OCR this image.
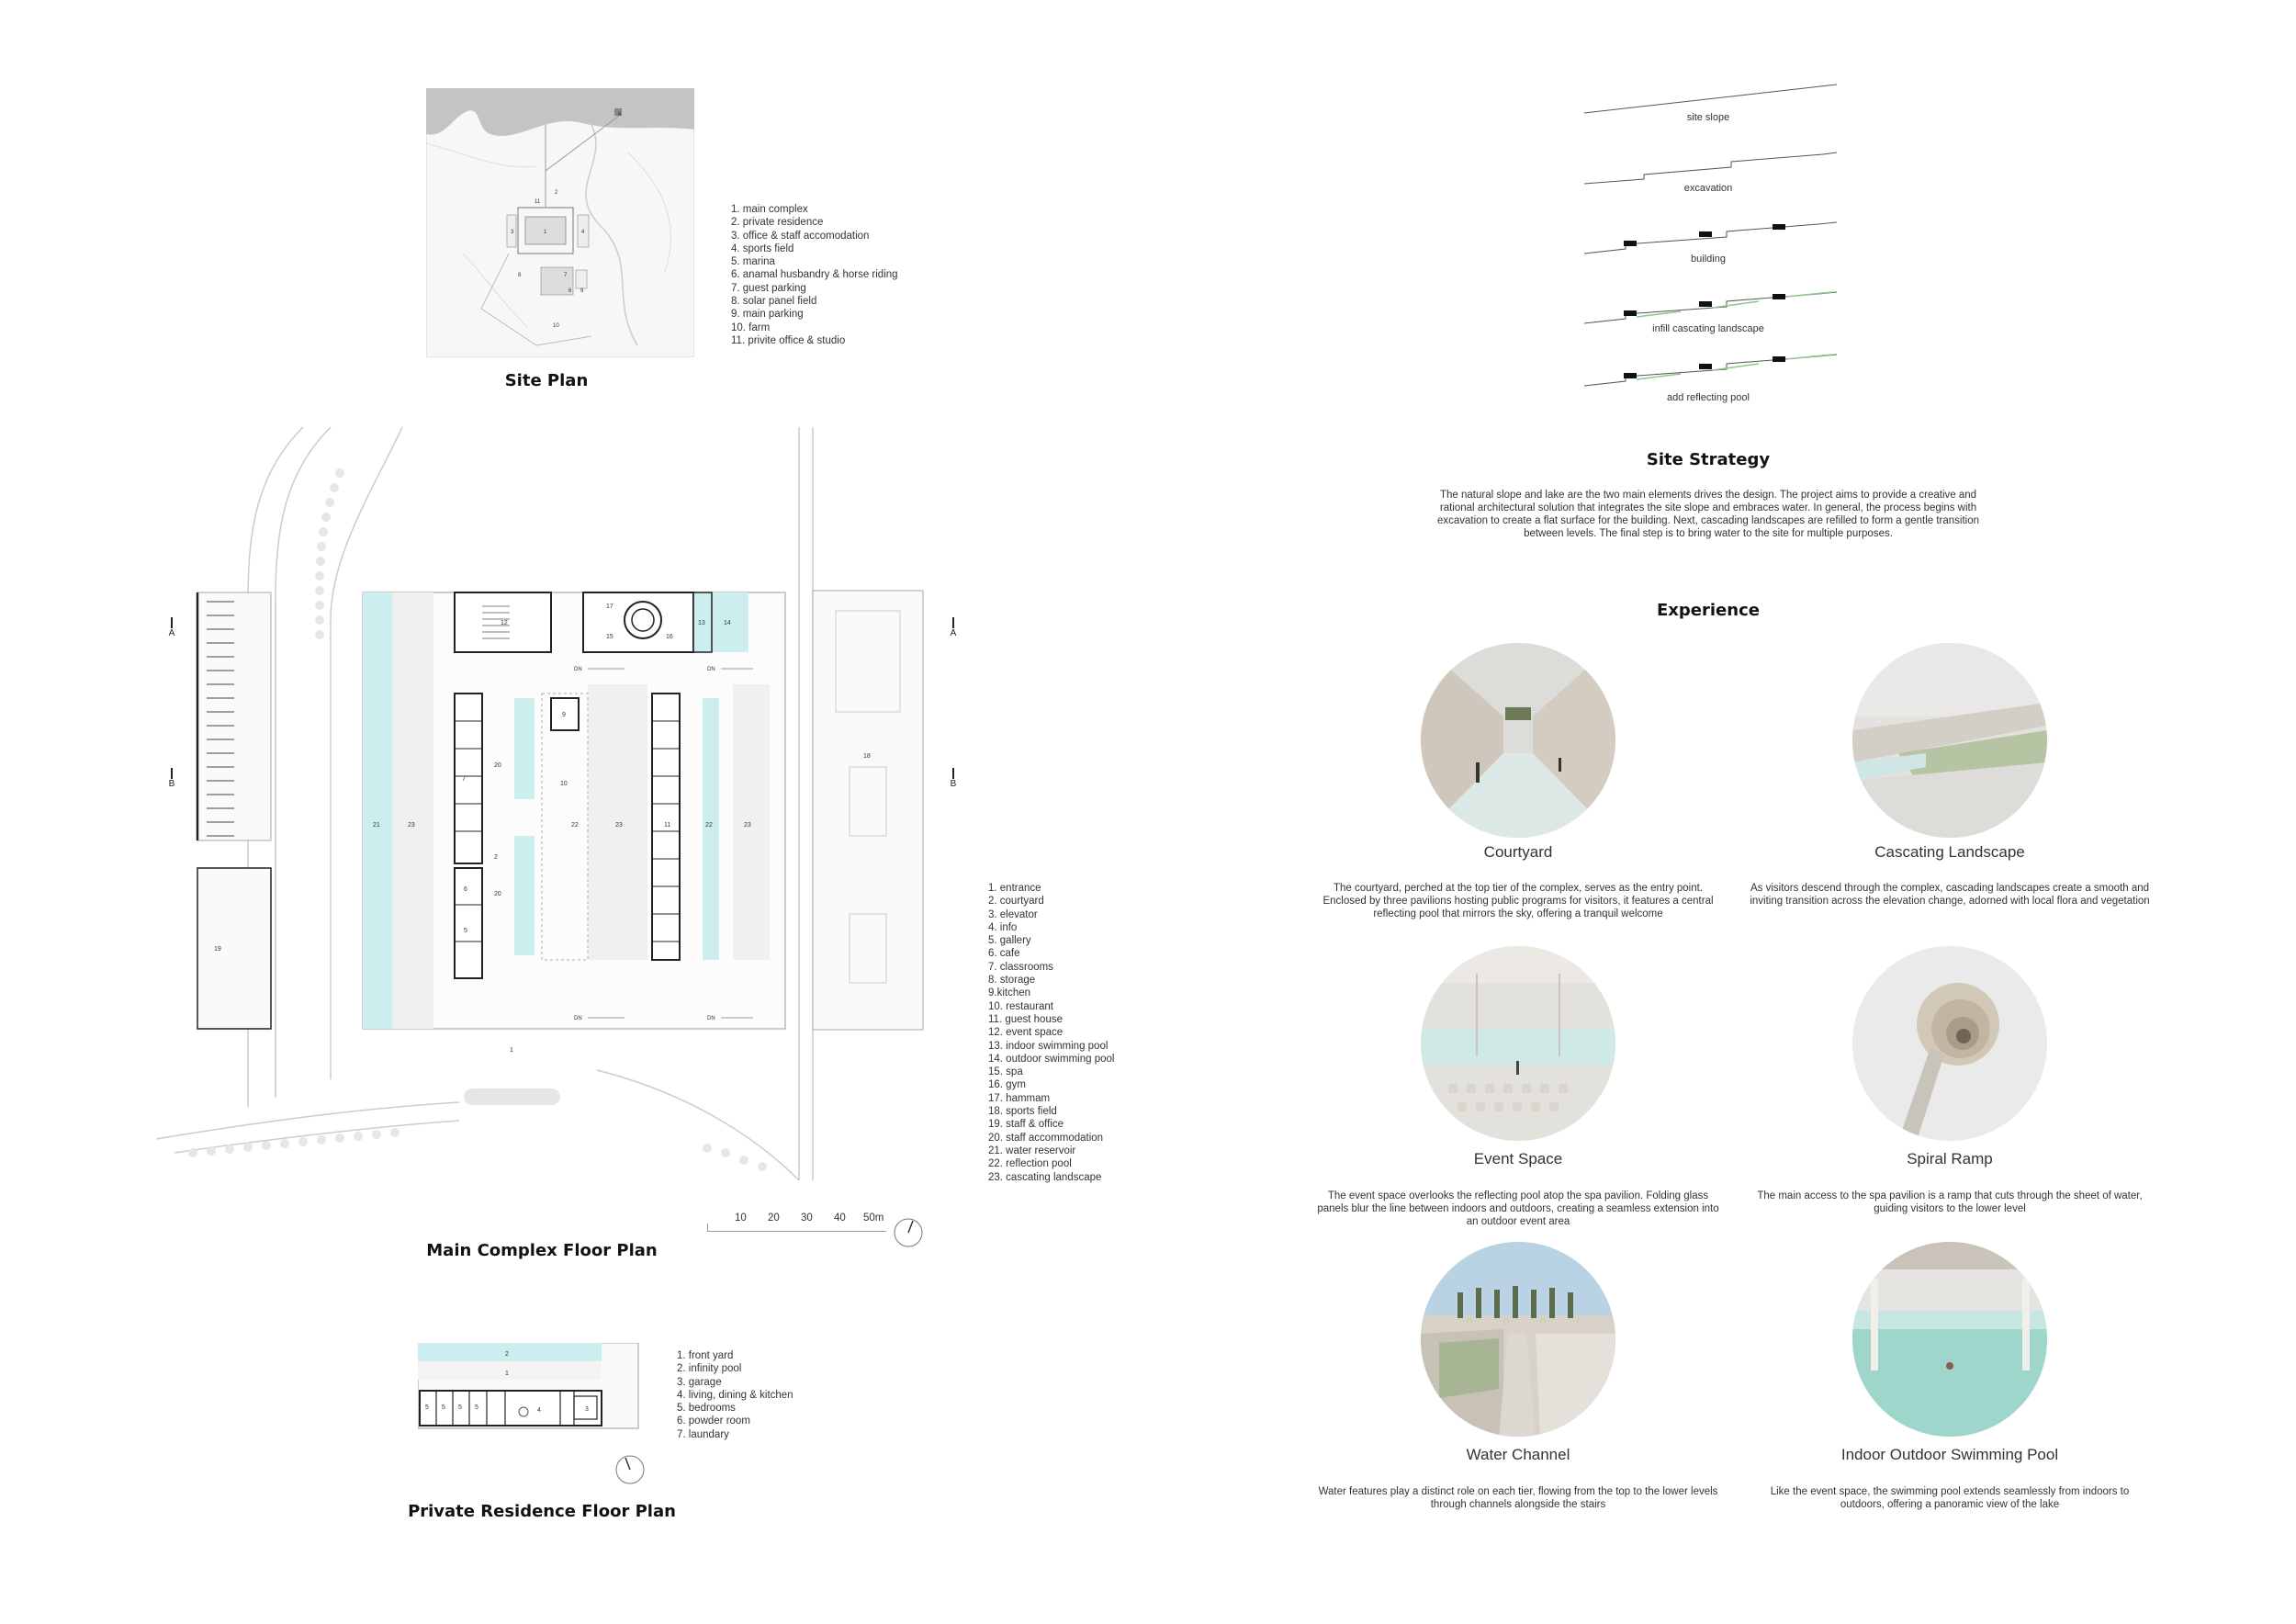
6
2
11
3	1	4
8	7
6 9
10
1. main complex
2. private residence
3. office & staff accomodation
4. sports field
5. marina
6. anamal husbandry & horse riding
7. guest parking
8. solar panel field
9. main parking
10. farm
11. privite office & studio
Site Plan
19
21	23	23	23
22	22
12
17
15	16
13	14
7
6
5
20
20
9
10
2
11
DN	DN
DN	DN
1
18
A
B
A
B
1. entrance
2. courtyard
3. elevator
4. info
5. gallery
6. cafe
7. classrooms
8. storage
9.kitchen
10. restaurant
11. guest house
12. event space
13. indoor swimming pool
14. outdoor swimming pool
15. spa
16. gym
17. hammam
18. sports field
19. staff & office
20. staff accommodation
21. water reservoir
22. reflection pool
23. cascating landscape
10 20 30 40 50m
Main Complex Floor Plan
2
1
5 5 5 5	4	3
1. front yard
2. infinity pool
3. garage
4. living, dining & kitchen
5. bedrooms
6. powder room
7. laundary
Private Residence Floor Plan
site slope
excavation
building
infill cascating landscape
add reflecting pool
Site Strategy
The natural slope and lake are the two main elements drives the design. The project aims to provide a creative and rational architectural solution that integrates the site slope and embraces water. In general, the process begins with excavation to create a flat surface for the building. Next, cascading landscapes are refilled to form a gentle transition between levels. The final step is to bring water to the site for multiple purposes.
Experience
Courtyard
The courtyard, perched at the top tier of the complex, serves as the entry point. Enclosed by three pavilions hosting public programs for visitors, it features a central reflecting pool that mirrors the sky, offering a tranquil welcome
Cascating Landscape
As visitors descend through the complex, cascading landscapes create a smooth and inviting transition across the elevation change, adorned with local flora and vegetation
Event Space
The event space overlooks the reflecting pool atop the spa pavilion. Folding glass panels blur the line between indoors and outdoors, creating a seamless extension into an outdoor event area
Spiral Ramp
The main access to the spa pavilion is a ramp that cuts through the sheet of water, guiding visitors to the lower level
Water Channel
Water features play a distinct role on each tier, flowing from the top to the lower levels through channels alongside the stairs
Indoor Outdoor Swimming Pool
Like the event space, the swimming pool extends seamlessly from indoors to outdoors, offering a panoramic view of the lake
